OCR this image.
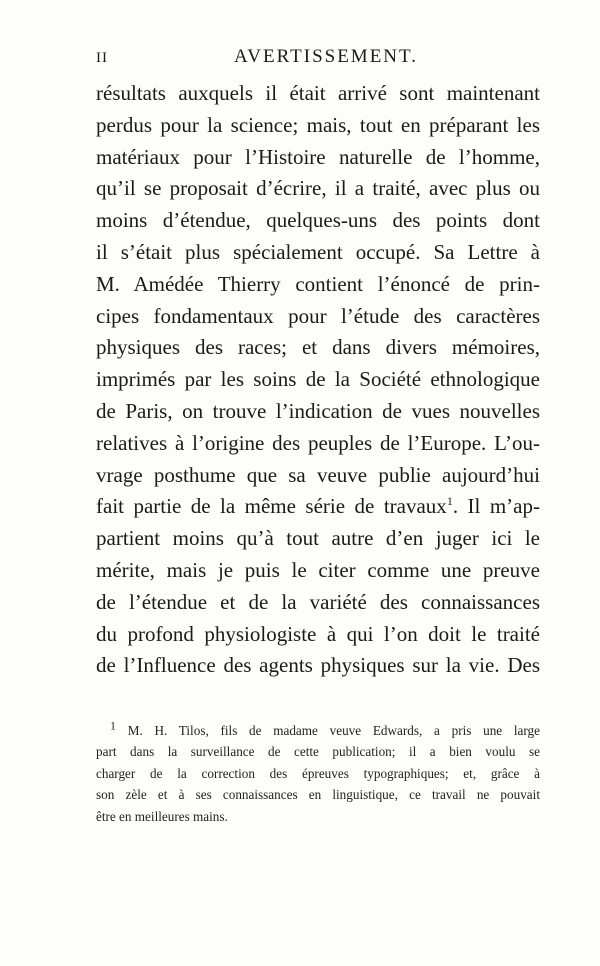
II	AVERTISSEMENT.
résultats auxquels il était arrivé sont maintenant
perdus pour la science; mais, tout en préparant les
matériaux pour l’Histoire naturelle de l’homme,
qu’il se proposait d’écrire, il a traité, avec plus ou
moins d’étendue, quelques-uns des points dont
il s’était plus spécialement occupé. Sa Lettre à
M. Amédée Thierry contient l’énoncé de prin-
cipes fondamentaux pour l’étude des caractères
physiques des races; et dans divers mémoires,
imprimés par les soins de la Société ethnologique
de Paris, on trouve l’indication de vues nouvelles
relatives à l’origine des peuples de l’Europe. L’ou-
vrage posthume que sa veuve publie aujourd’hui
fait partie de la même série de travaux$^1$. Il m’ap-
partient moins qu’à tout autre d’en juger ici le
mérite, mais je puis le citer comme une preuve
de l’étendue et de la variété des connaissances
du profond physiologiste à qui l’on doit le traité
de l’Influence des agents physiques sur la vie. Des
$^1$ M. H. Tilos, fils de madame veuve Edwards, a pris une large
part dans la surveillance de cette publication; il a bien voulu se
charger de la correction des épreuves typographiques; et, grâce à
son zèle et à ses connaissances en linguistique, ce travail ne pouvait
être en meilleures mains.
